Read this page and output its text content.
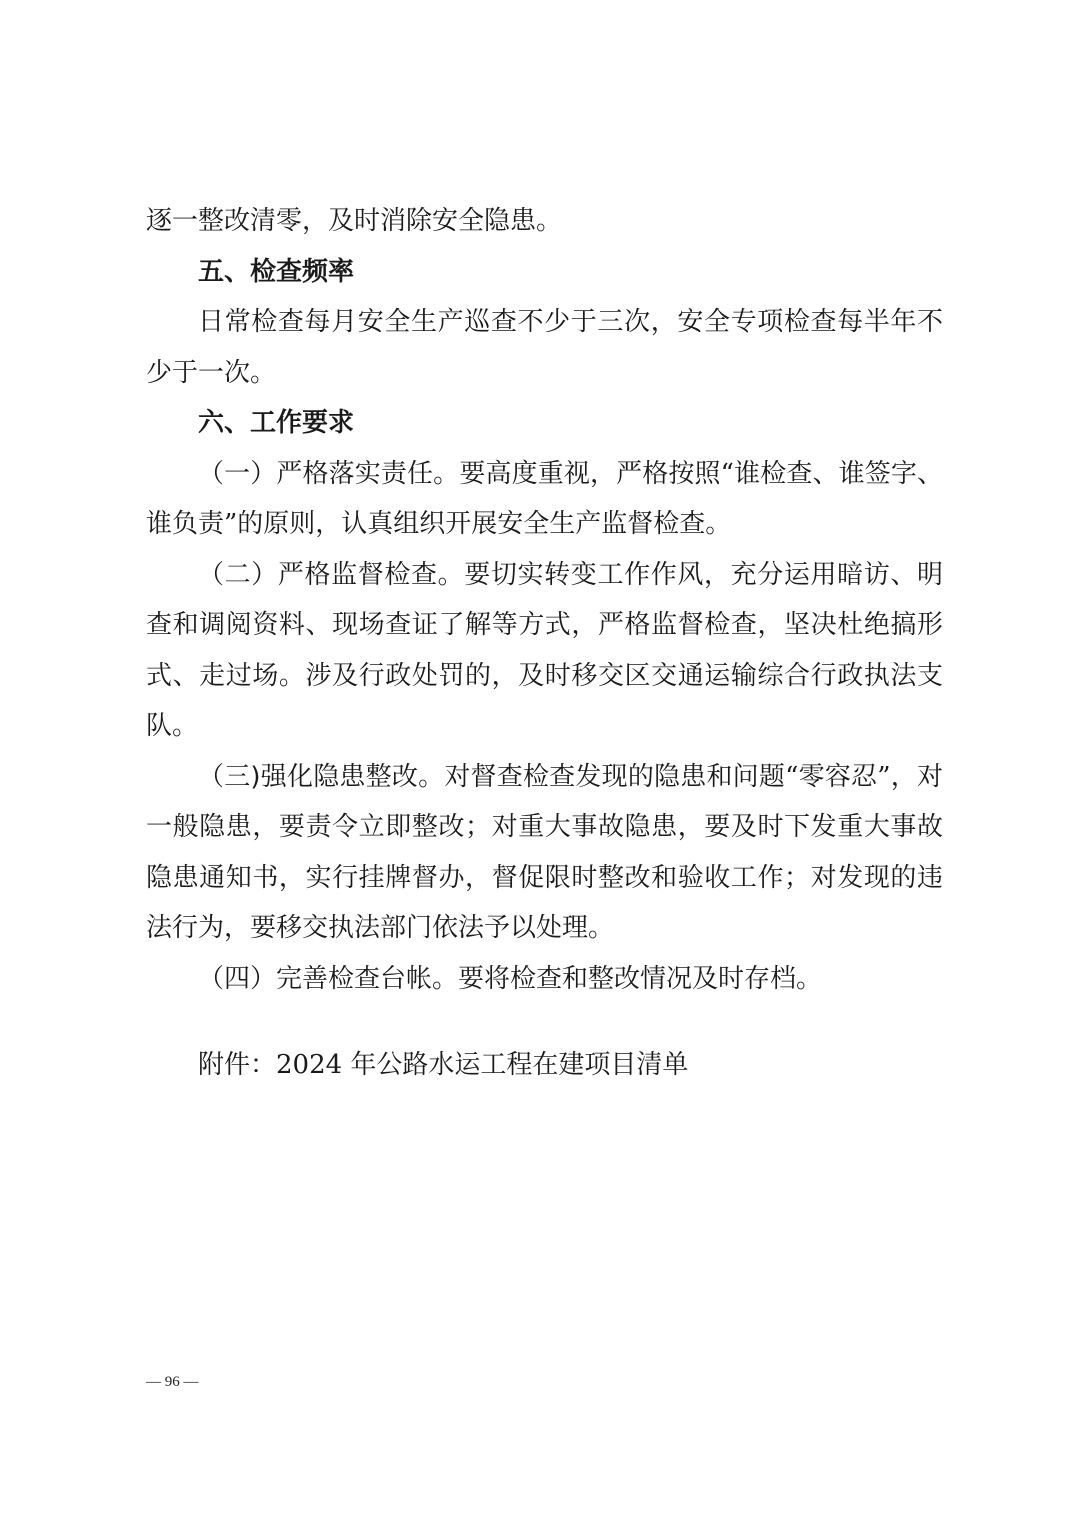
逐一整改清零，及时消除安全隐患。

五、检查频率

日常检查每月安全生产巡查不少于三次，安全专项检查每半年不少于一次。

六、工作要求

（一）严格落实责任。要高度重视，严格按照“谁检查、谁签字、谁负责”的原则，认真组织开展安全生产监督检查。

（二）严格监督检查。要切实转变工作作风，充分运用暗访、明查和调阅资料、现场查证了解等方式，严格监督检查，坚决杜绝搞形式、走过场。涉及行政处罚的，及时移交区交通运输综合行政执法支队。

（三)强化隐患整改。对督查检查发现的隐患和问题“零容忍”，对一般隐患，要责令立即整改；对重大事故隐患，要及时下发重大事故隐患通知书，实行挂牌督办，督促限时整改和验收工作；对发现的违法行为，要移交执法部门依法予以处理。

（四）完善检查台帐。要将检查和整改情况及时存档。

附件：2024 年公路水运工程在建项目清单
— 96 —
